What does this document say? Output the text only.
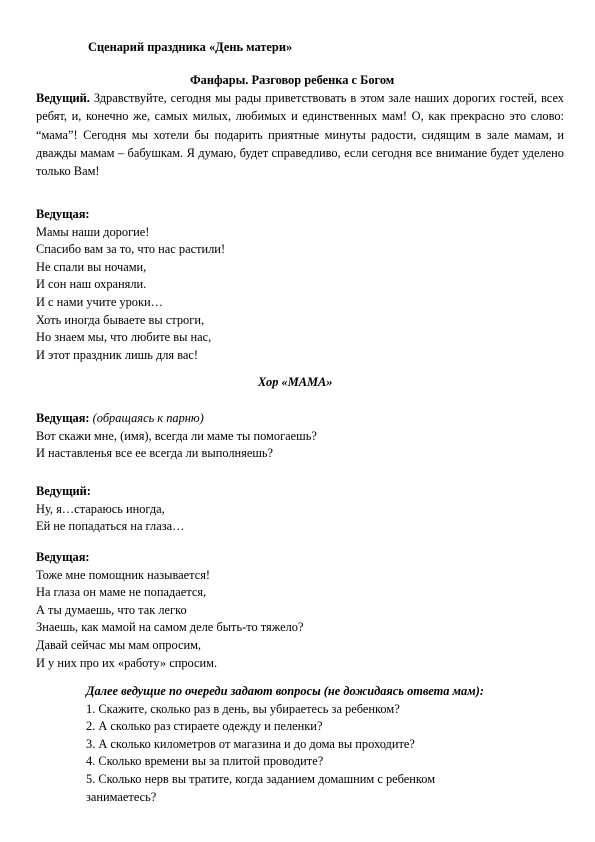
Сценарий праздника «День матери»

Фанфары. Разговор ребенка с Богом

Ведущий. Здравствуйте, сегодня мы рады приветствовать в этом зале наших дорогих гостей, всех ребят, и, конечно же, самых милых, любимых и единственных мам! О, как прекрасно это слово: “мама”! Сегодня мы хотели бы подарить приятные минуты радости, сидящим в зале мамам, и дважды мамам – бабушкам. Я думаю, будет справедливо, если сегодня все внимание будет уделено только Вам!
Ведущая:
Мамы наши дорогие!
Спасибо вам за то, что нас растили!
Не спали вы ночами,
И сон наш охраняли.
И с нами учите уроки…
Хоть иногда бываете вы строги,
Но знаем мы, что любите вы нас,
И этот праздник лишь для вас!

Хор «МАМА»

Ведущая: (обращаясь к парню)
Вот скажи мне, (имя), всегда ли маме ты помогаешь?
И наставленья все ее всегда ли выполняешь?
Ведущий:
Ну, я…стараюсь иногда,
Ей не попадаться на глаза…
Ведущая:
Тоже мне помощник называется!
На глаза он маме не попадается,
А ты думаешь, что так легко
Знаешь, как мамой на самом деле быть-то тяжело?
Давай сейчас мы мам опросим,
И у них про их «работу» спросим.
Далее ведущие по очереди задают вопросы (не дожидаясь ответа мам):
1. Скажите, сколько раз в день, вы убираетесь за ребенком?
2. А сколько раз стираете одежду и пеленки?
3. А сколько километров от магазина и до дома вы проходите?
4. Сколько времени вы за плитой проводите?
5. Сколько нерв вы тратите, когда заданием домашним с ребенком
занимаетесь?
